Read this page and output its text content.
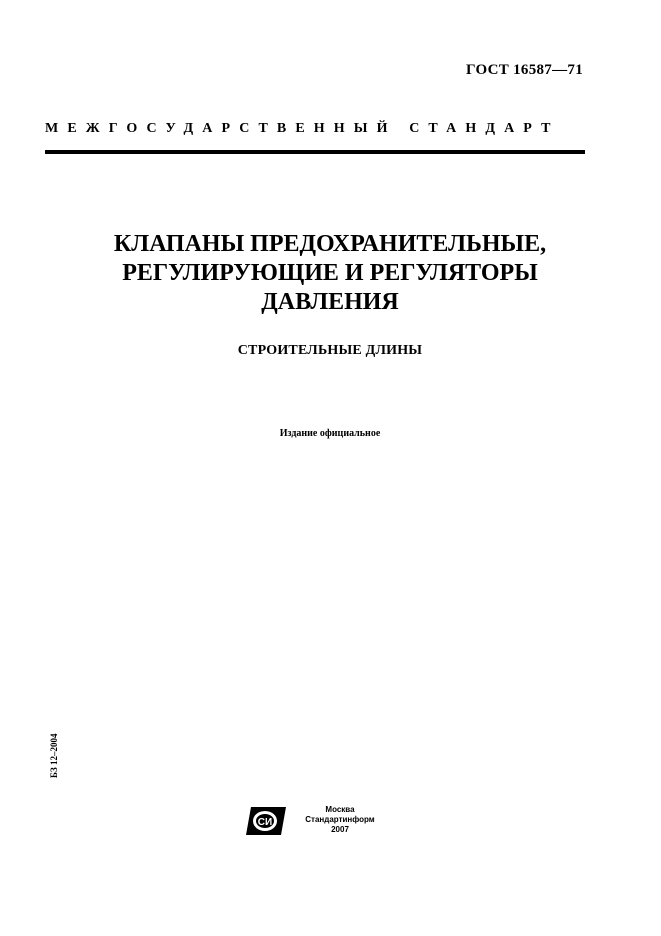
ГОСТ 16587—71
МЕЖГОСУДАРСТВЕННЫЙ СТАНДАРТ
КЛАПАНЫ ПРЕДОХРАНИТЕЛЬНЫЕ,
РЕГУЛИРУЮЩИЕ И РЕГУЛЯТОРЫ
ДАВЛЕНИЯ
СТРОИТЕЛЬНЫЕ ДЛИНЫ
Издание официальное
БЗ 12–2004
СИ
Москва
Стандартинформ
2007
